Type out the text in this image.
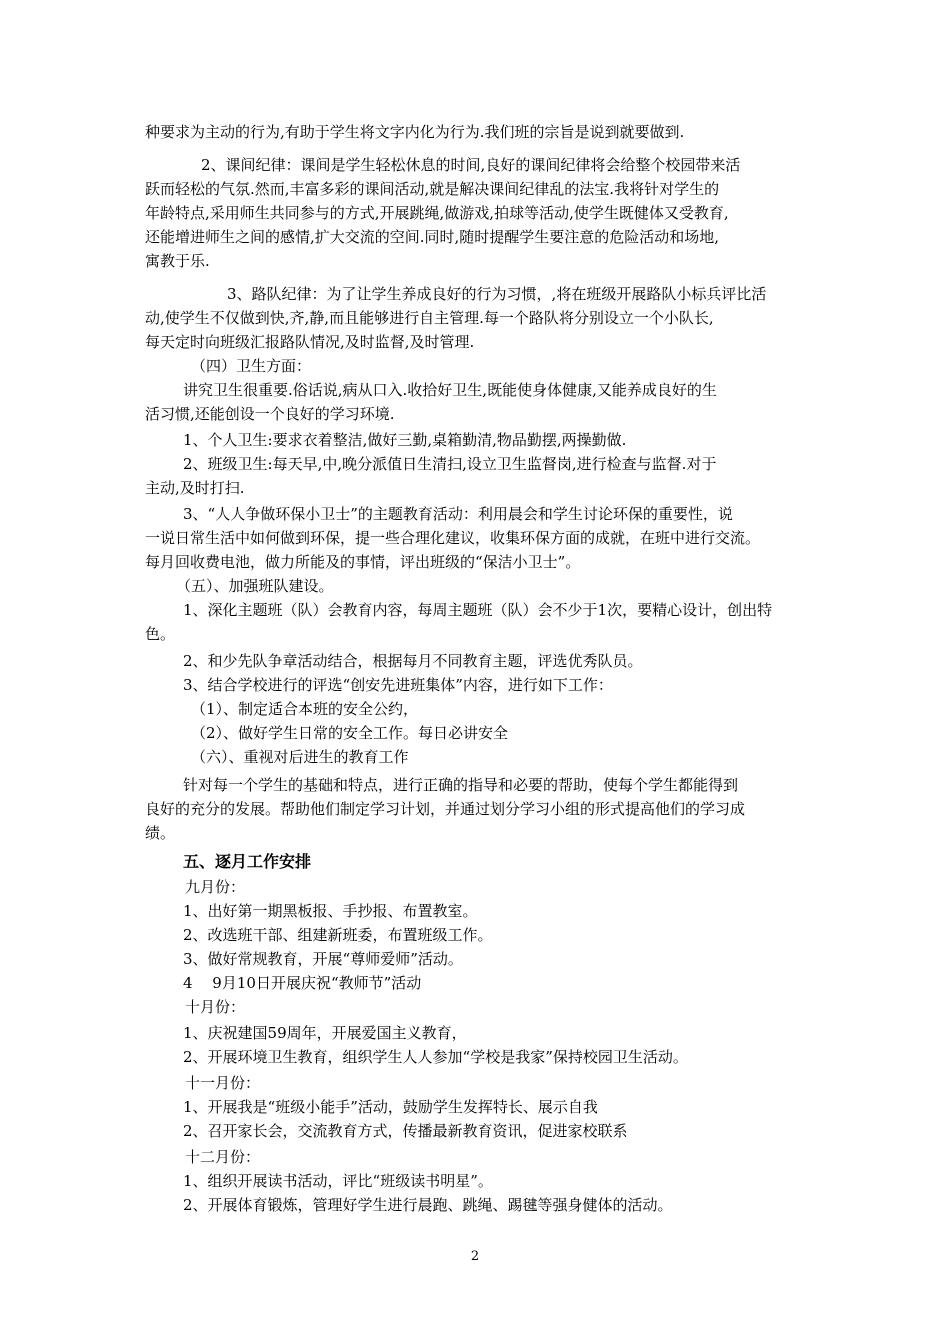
种要求为主动的行为,有助于学生将文字内化为行为.我们班的宗旨是说到就要做到.
2、课间纪律：课间是学生轻松休息的时间,良好的课间纪律将会给整个校园带来活
跃而轻松的气氛.然而,丰富多彩的课间活动,就是解决课间纪律乱的法宝.我将针对学生的
年龄特点,采用师生共同参与的方式,开展跳绳,做游戏,拍球等活动,使学生既健体又受教育,
还能增进师生之间的感情,扩大交流的空间.同时,随时提醒学生要注意的危险活动和场地,
寓教于乐.
3、路队纪律：为了让学生养成良好的行为习惯，,将在班级开展路队小标兵评比活
动,使学生不仅做到快,齐,静,而且能够进行自主管理.每一个路队将分别设立一个小队长,
每天定时向班级汇报路队情况,及时监督,及时管理.
（四）卫生方面：
讲究卫生很重要.俗话说,病从口入.收拾好卫生,既能使身体健康,又能养成良好的生
活习惯,还能创设一个良好的学习环境.
1、个人卫生:要求衣着整洁,做好三勤,桌箱勤清,物品勤摆,两操勤做.
2、班级卫生:每天早,中,晚分派值日生清扫,设立卫生监督岗,进行检查与监督.对于
主动,及时打扫.
3、“人人争做环保小卫士”的主题教育活动：利用晨会和学生讨论环保的重要性，说
一说日常生活中如何做到环保，提一些合理化建议，收集环保方面的成就，在班中进行交流。
每月回收费电池，做力所能及的事情，评出班级的“保洁小卫士”。
（五）、加强班队建设。
1、深化主题班（队）会教育内容，每周主题班（队）会不少于1次，要精心设计，创出特
色。
2、和少先队争章活动结合，根据每月不同教育主题，评选优秀队员。
3、结合学校进行的评选“创安先进班集体”内容，进行如下工作：
（1）、制定适合本班的安全公约，
（2）、做好学生日常的安全工作。每日必讲安全
（六）、重视对后进生的教育工作
针对每一个学生的基础和特点，进行正确的指导和必要的帮助，使每个学生都能得到
良好的充分的发展。帮助他们制定学习计划，并通过划分学习小组的形式提高他们的学习成
绩。
五、逐月工作安排
九月份：
1、出好第一期黑板报、手抄报、布置教室。
2、改选班干部、组建新班委，布置班级工作。
3、做好常规教育，开展“尊师爱师”活动。
4　 9月10日开展庆祝“教师节”活动
十月份：
1、庆祝建国59周年，开展爱国主义教育，
2、开展环境卫生教育，组织学生人人参加“学校是我家”保持校园卫生活动。
十一月份：
1、开展我是“班级小能手”活动，鼓励学生发挥特长、展示自我
2、召开家长会，交流教育方式，传播最新教育资讯，促进家校联系
十二月份：
1、组织开展读书活动，评比“班级读书明星”。
2、开展体育锻炼，管理好学生进行晨跑、跳绳、踢毽等强身健体的活动。
2
